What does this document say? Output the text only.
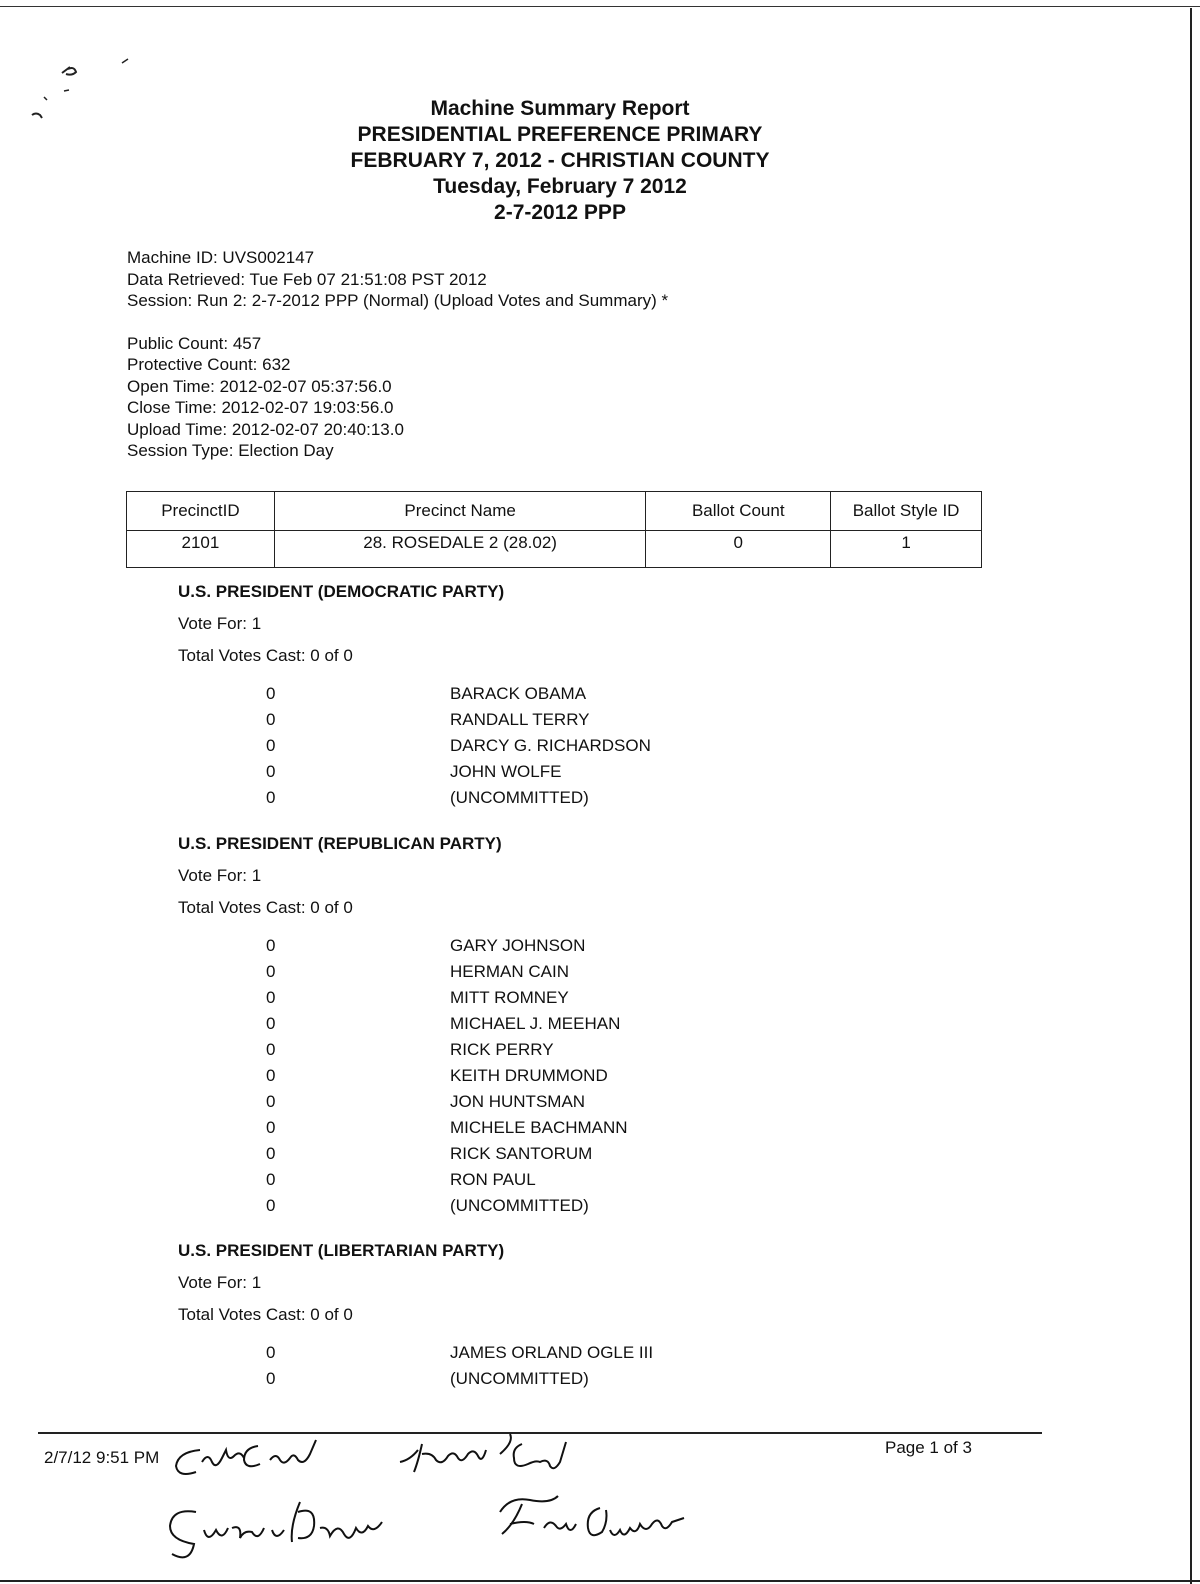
Machine Summary Report
PRESIDENTIAL PREFERENCE PRIMARY
FEBRUARY 7, 2012 - CHRISTIAN COUNTY
Tuesday, February 7 2012
2-7-2012 PPP
Machine ID: UVS002147
Data Retrieved: Tue Feb 07 21:51:08 PST 2012
Session: Run 2: 2-7-2012 PPP (Normal) (Upload Votes and Summary) *
Public Count: 457
Protective Count: 632
Open Time: 2012-02-07 05:37:56.0
Close Time: 2012-02-07 19:03:56.0
Upload Time: 2012-02-07 20:40:13.0
Session Type: Election Day
PrecinctID	Precinct Name	Ballot Count	Ballot Style ID
2101	28. ROSEDALE 2 (28.02)	0	1
U.S. PRESIDENT (DEMOCRATIC PARTY)
Vote For: 1
Total Votes Cast: 0 of 0
0	BARACK OBAMA
0	RANDALL TERRY
0	DARCY G. RICHARDSON
0	JOHN WOLFE
0	(UNCOMMITTED)
U.S. PRESIDENT (REPUBLICAN PARTY)
Vote For: 1
Total Votes Cast: 0 of 0
0	GARY JOHNSON
0	HERMAN CAIN
0	MITT ROMNEY
0	MICHAEL J. MEEHAN
0	RICK PERRY
0	KEITH DRUMMOND
0	JON HUNTSMAN
0	MICHELE BACHMANN
0	RICK SANTORUM
0	RON PAUL
0	(UNCOMMITTED)
U.S. PRESIDENT (LIBERTARIAN PARTY)
Vote For: 1
Total Votes Cast: 0 of 0
0	JAMES ORLAND OGLE III
0	(UNCOMMITTED)
2/7/12 9:51 PM
Page 1 of 3
